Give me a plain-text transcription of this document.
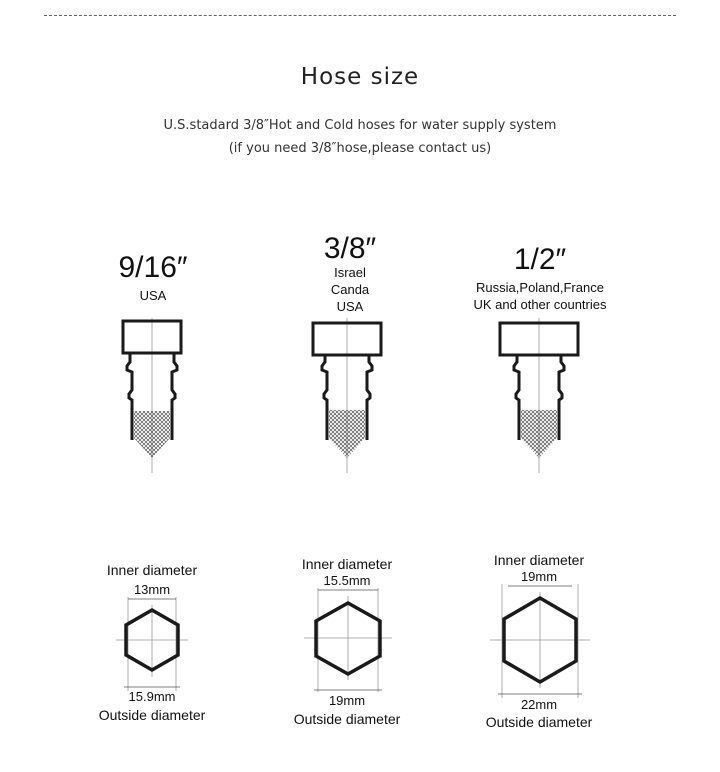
Hose size
U.S.stadard 3/8″Hot and Cold hoses for water supply system
(if you need 3/8″hose,please contact us)
9/16″
USA
3/8″
Israel
Canda
USA
1/2″
Russia,Poland,France
UK and other countries
Inner diameter
13mm
15.9mm
Outside diameter
Inner diameter
15.5mm
19mm
Outside diameter
Inner diameter
19mm
22mm
Outside diameter
